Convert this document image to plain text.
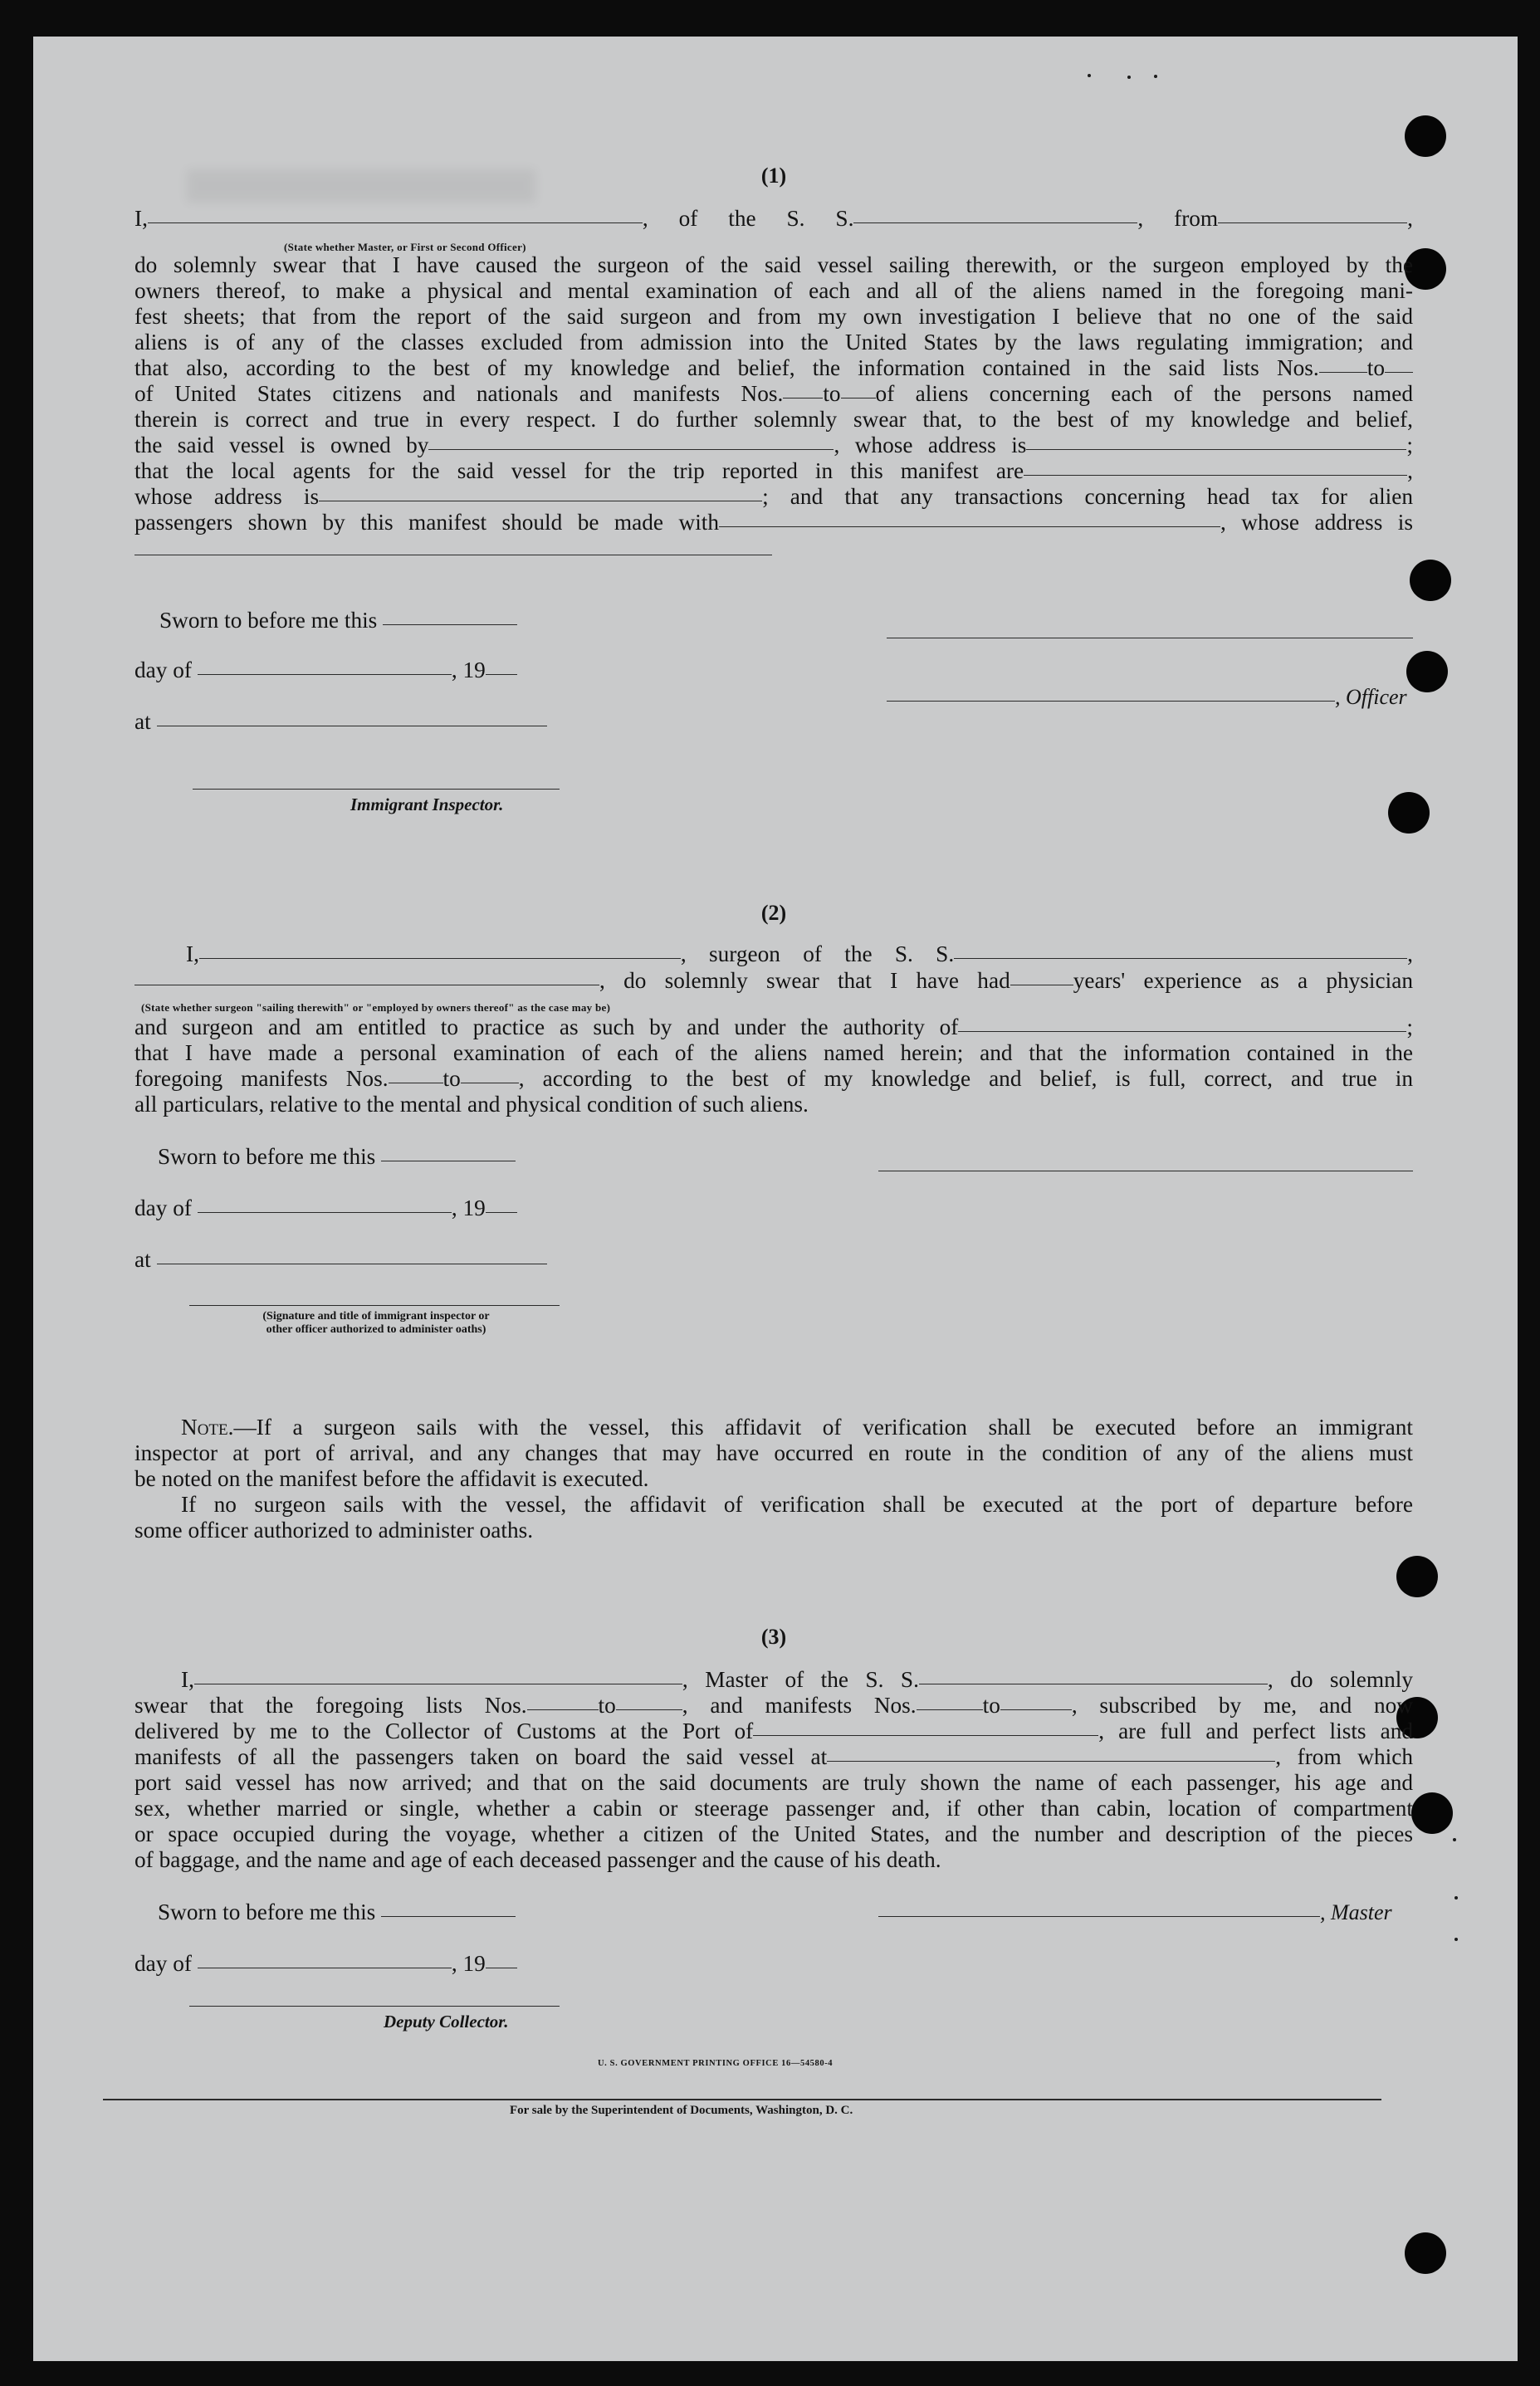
(1)
I,	, of the S. S.	, from	,
(State whether Master, or First or Second Officer)
do solemnly swear that I have caused the surgeon of the said vessel sailing therewith, or the surgeon employed by the
owners thereof, to make a physical and mental examination of each and all of the aliens named in the foregoing mani-
fest sheets; that from the report of the said surgeon and from my own investigation I believe that no one of the said
aliens is of any of the classes excluded from admission into the United States by the laws regulating immigration; and
that also, according to the best of my knowledge and belief, the information contained in the said lists Nos. to
of United States citizens and nationals and manifests Nos. to of aliens concerning each of the persons named
therein is correct and true in every respect. I do further solemnly swear that, to the best of my knowledge and belief,
the said vessel is owned by	, whose address is	;
that the local agents for the said vessel for the trip reported in this manifest are	,
whose address is	; and that any transactions concerning head tax for alien
passengers shown by this manifest should be made with	, whose address is
Sworn to before me this
day of	, 19
, Officer
at
Immigrant Inspector.
(2)
I,	, surgeon of the S. S.	,
, do solemnly swear that I have had	years' experience as a physician
(State whether surgeon "sailing therewith" or "employed by owners thereof" as the case may be)
and surgeon and am entitled to practice as such by and under the authority of	;
that I have made a personal examination of each of the aliens named herein; and that the information contained in the
foregoing manifests Nos. to	, according to the best of my knowledge and belief, is full, correct, and true in
all particulars, relative to the mental and physical condition of such aliens.
Sworn to before me this
day of	, 19
at
(Signature and title of immigrant inspector or
other officer authorized to administer oaths)
Note.—If a surgeon sails with the vessel, this affidavit of verification shall be executed before an immigrant
inspector at port of arrival, and any changes that may have occurred en route in the condition of any of the aliens must
be noted on the manifest before the affidavit is executed.
If no surgeon sails with the vessel, the affidavit of verification shall be executed at the port of departure before
some officer authorized to administer oaths.
(3)
I,	, Master of the S. S.	, do solemnly
swear that the foregoing lists Nos.	to	, and manifests Nos.	to	, subscribed by me, and now
delivered by me to the Collector of Customs at the Port of	, are full and perfect lists and
manifests of all the passengers taken on board the said vessel at	, from which
port said vessel has now arrived; and that on the said documents are truly shown the name of each passenger, his age and
sex, whether married or single, whether a cabin or steerage passenger and, if other than cabin, location of compartment
or space occupied during the voyage, whether a citizen of the United States, and the number and description of the pieces
of baggage, and the name and age of each deceased passenger and the cause of his death.
Sworn to before me this	, Master
day of	, 19
Deputy Collector.
U. S. GOVERNMENT PRINTING OFFICE 16—54580-4
For sale by the Superintendent of Documents, Washington, D. C.
